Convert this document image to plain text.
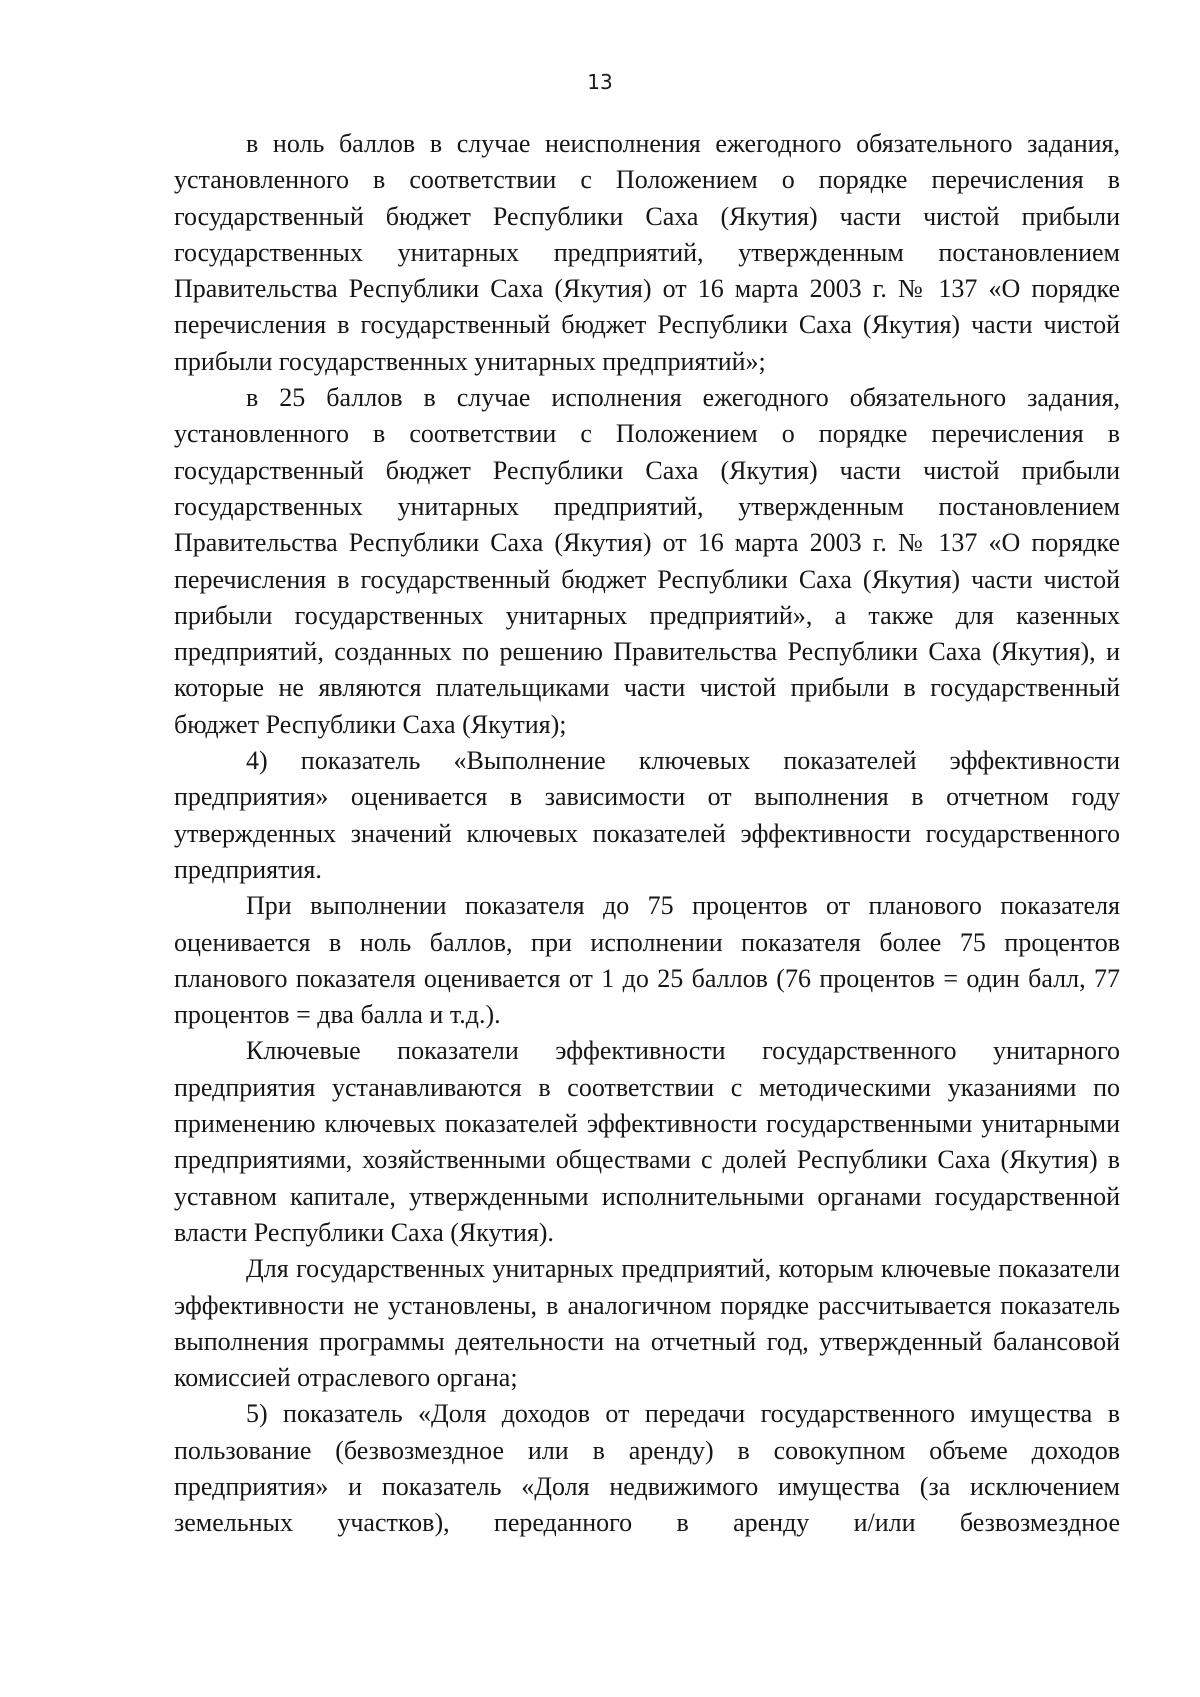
13

в ноль баллов в случае неисполнения ежегодного обязательного задания, установленного в соответствии с Положением о порядке перечисления в государственный бюджет Республики Саха (Якутия) части чистой прибыли государственных унитарных предприятий, утвержденным постановлением Правительства Республики Саха (Якутия) от 16 марта 2003 г. № 137 «О порядке перечисления в государственный бюджет Республики Саха (Якутия) части чистой прибыли государственных унитарных предприятий»;

в 25 баллов в случае исполнения ежегодного обязательного задания, установленного в соответствии с Положением о порядке перечисления в государственный бюджет Республики Саха (Якутия) части чистой прибыли государственных унитарных предприятий, утвержденным постановлением Правительства Республики Саха (Якутия) от 16 марта 2003 г. № 137 «О порядке перечисления в государственный бюджет Республики Саха (Якутия) части чистой прибыли государственных унитарных предприятий», а также для казенных предприятий, созданных по решению Правительства Республики Саха (Якутия), и которые не являются плательщиками части чистой прибыли в государственный бюджет Республики Саха (Якутия);

4) показатель «Выполнение ключевых показателей эффективности предприятия» оценивается в зависимости от выполнения в отчетном году утвержденных значений ключевых показателей эффективности государственного предприятия.

При выполнении показателя до 75 процентов от планового показателя оценивается в ноль баллов, при исполнении показателя более 75 процентов планового показателя оценивается от 1 до 25 баллов (76 процентов = один балл, 77 процентов = два балла и т.д.).

Ключевые показатели эффективности государственного унитарного предприятия устанавливаются в соответствии с методическими указаниями по применению ключевых показателей эффективности государственными унитарными предприятиями, хозяйственными обществами с долей Республики Саха (Якутия) в уставном капитале, утвержденными исполнительными органами государственной власти Республики Саха (Якутия).

Для государственных унитарных предприятий, которым ключевые показатели эффективности не установлены, в аналогичном порядке рассчитывается показатель выполнения программы деятельности на отчетный год, утвержденный балансовой комиссией отраслевого органа;

5) показатель «Доля доходов от передачи государственного имущества в пользование (безвозмездное или в аренду) в совокупном объеме доходов предприятия» и показатель «Доля недвижимого имущества (за исключением земельных участков), переданного в аренду и/или безвозмездное
